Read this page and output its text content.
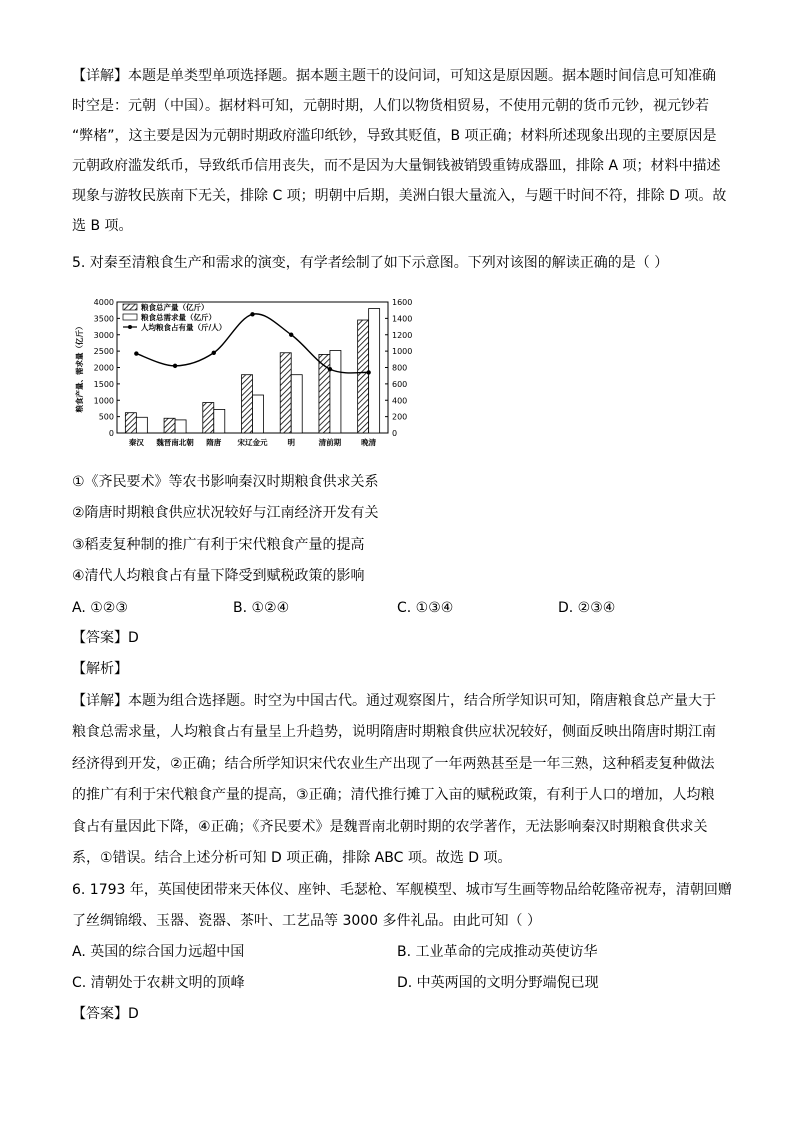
【详解】本题是单类型单项选择题。据本题主题干的设问词，可知这是原因题。据本题时间信息可知准确
时空是：元朝（中国）。据材料可知，元朝时期，人们以物货相贸易，不使用元朝的货币元钞，视元钞若
“弊楮”，这主要是因为元朝时期政府滥印纸钞，导致其贬值，B 项正确；材料所述现象出现的主要原因是
元朝政府滥发纸币，导致纸币信用丧失，而不是因为大量铜钱被销毁重铸成器皿，排除 A 项；材料中描述
现象与游牧民族南下无关，排除 C 项；明朝中后期，美洲白银大量流入，与题干时间不符，排除 D 项。故
选 B 项。
5. 对秦至清粮食生产和需求的演变，有学者绘制了如下示意图。下列对该图的解读正确的是（ ）
0
500
1000
1500
2000
2500
3000
3500
4000
0
200
400
600
800
1000
1200
1400
1600
粮食产量、需求量（亿斤）
秦汉 魏晋南北朝 隋唐 宋辽金元	明	清前期	晚清
粮食总产量（亿斤）
粮食总需求量（亿斤）
人均粮食占有量（斤/人）
①《齐民要术》等农书影响秦汉时期粮食供求关系
②隋唐时期粮食供应状况较好与江南经济开发有关
③稻麦复种制的推广有利于宋代粮食产量的提高
④清代人均粮食占有量下降受到赋税政策的影响
A. ①②③	B. ①②④	C. ①③④	D. ②③④
【答案】D
【解析】
【详解】本题为组合选择题。时空为中国古代。通过观察图片，结合所学知识可知，隋唐粮食总产量大于
粮食总需求量，人均粮食占有量呈上升趋势，说明隋唐时期粮食供应状况较好，侧面反映出隋唐时期江南
经济得到开发，②正确；结合所学知识宋代农业生产出现了一年两熟甚至是一年三熟，这种稻麦复种做法
的推广有利于宋代粮食产量的提高，③正确；清代推行摊丁入亩的赋税政策，有利于人口的增加，人均粮
食占有量因此下降，④正确；《齐民要术》是魏晋南北朝时期的农学著作，无法影响秦汉时期粮食供求关
系，①错误。结合上述分析可知 D 项正确，排除 ABC 项。故选 D 项。
6. 1793 年，英国使团带来天体仪、座钟、毛瑟枪、军舰模型、城市写生画等物品给乾隆帝祝寿，清朝回赠
了丝绸锦缎、玉器、瓷器、茶叶、工艺品等 3000 多件礼品。由此可知（ ）
A. 英国的综合国力远超中国	B. 工业革命的完成推动英使访华
C. 清朝处于农耕文明的顶峰	D. 中英两国的文明分野端倪已现
【答案】D
